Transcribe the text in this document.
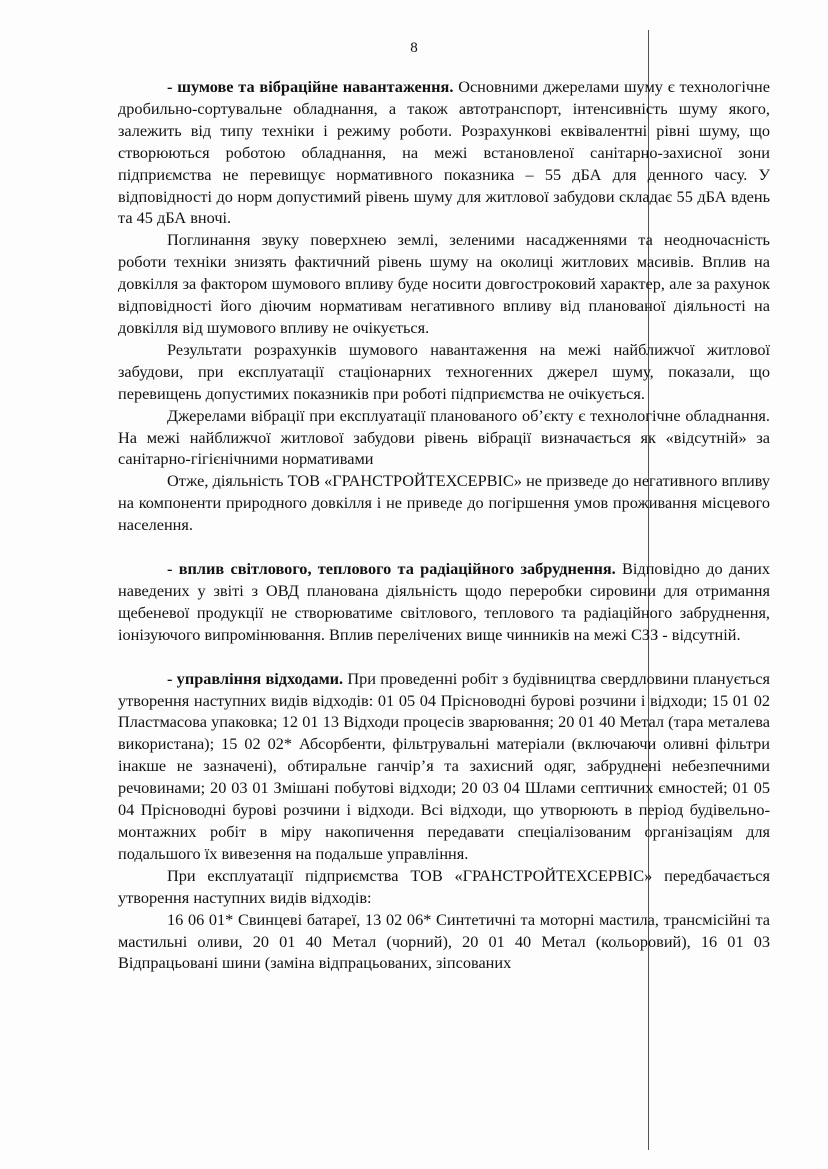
8

- шумове та вібраційне навантаження. Основними джерелами шуму є технологічне дробильно-сортувальне обладнання, а також автотранспорт, інтенсивність шуму якого, залежить від типу техніки і режиму роботи. Розрахункові еквівалентні рівні шуму, що створюються роботою обладнання, на межі встановленої санітарно-захисної зони підприємства не перевищує нормативного показника – 55 дБА для денного часу. У відповідності до норм допустимий рівень шуму для житлової забудови складає 55 дБА вдень та 45 дБА вночі.

Поглинання звуку поверхнею землі, зеленими насадженнями та неодночасність роботи техніки знизять фактичний рівень шуму на околиці житлових масивів. Вплив на довкілля за фактором шумового впливу буде носити довгостроковий характер, але за рахунок відповідності його діючим нормативам негативного впливу від планованої діяльності на довкілля від шумового впливу не очікується.

Результати розрахунків шумового навантаження на межі найближчої житлової забудови, при експлуатації стаціонарних техногенних джерел шуму, показали, що перевищень допустимих показників при роботі підприємства не очікується.

Джерелами вібрації при експлуатації планованого об’єкту є технологічне обладнання. На межі найближчої житлової забудови рівень вібрації визначається як «відсутній» за санітарно-гігієнічними нормативами

Отже, діяльність ТОВ «ГРАНСТРОЙТЕХСЕРВІС» не призведе до негативного впливу на компоненти природного довкілля і не приведе до погіршення умов проживання місцевого населення.

- вплив світлового, теплового та радіаційного забруднення. Відповідно до даних наведених у звіті з ОВД планована діяльність щодо переробки сировини для отримання щебеневої продукції не створюватиме світлового, теплового та радіаційного забруднення, іонізуючого випромінювання. Вплив перелічених вище чинників на межі СЗЗ - відсутній.

- управління відходами. При проведенні робіт з будівництва свердловини планується утворення наступних видів відходів: 01 05 04 Прісноводні бурові розчини і відходи; 15 01 02 Пластмасова упаковка; 12 01 13 Відходи процесів зварювання; 20 01 40 Метал (тара металева використана); 15 02 02* Абсорбенти, фільтрувальні матеріали (включаючи оливні фільтри інакше не зазначені), обтиральне ганчір’я та захисний одяг, забруднені небезпечними речовинами; 20 03 01 Змішані побутові відходи; 20 03 04 Шлами септичних ємностей; 01 05 04 Прісноводні бурові розчини і відходи. Всі відходи, що утворюють в період будівельно-монтажних робіт в міру накопичення передавати спеціалізованим організаціям для подальшого їх вивезення на подальше управління.

При експлуатації підприємства ТОВ «ГРАНСТРОЙТЕХСЕРВІС» передбачається утворення наступних видів відходів:

16 06 01* Свинцеві батареї, 13 02 06* Синтетичні та моторні мастила, трансмісійні та мастильні оливи, 20 01 40 Метал (чорний), 20 01 40 Метал (кольоровий), 16 01 03 Відпрацьовані шини (заміна відпрацьованих, зіпсованих
